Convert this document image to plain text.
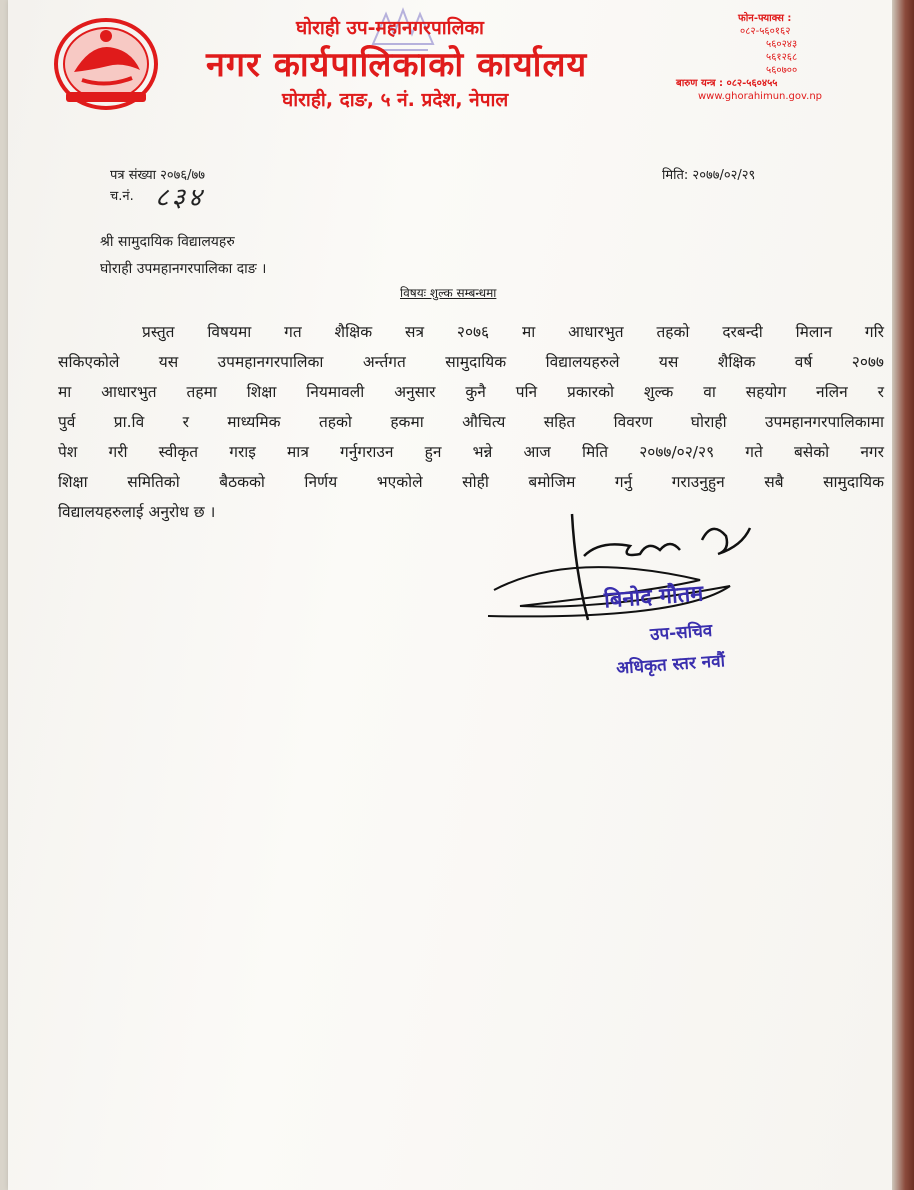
घोराही उप-महानगरपालिका
नगर कार्यपालिकाको कार्यालय
घोराही, दाङ, ५ नं. प्रदेश, नेपाल
फोन-फ्याक्स :
०८२-५६०१६२
५६०२४३
५६१२६८
५६०७००
बारुण यन्त्र : ०८२-५६०४५५
www.ghorahimun.gov.np
पत्र संख्या २०७६/७७
च.नं. ८३४
मिति: २०७७/०२/२९
श्री सामुदायिक विद्यालयहरु
घोराही उपमहानगरपालिका दाङ ।
विषयः शुल्क सम्बन्धमा
प्रस्तुत विषयमा गत शैक्षिक सत्र २०७६ मा आधारभुत तहको दरबन्दी मिलान गरि
सकिएकोले यस उपमहानगरपालिका अर्न्तगत सामुदायिक विद्यालयहरुले यस शैक्षिक वर्ष २०७७
मा आधारभुत तहमा शिक्षा नियमावली अनुसार कुनै पनि प्रकारको शुल्क वा सहयोग नलिन र
पुर्व प्रा.वि र माध्यमिक तहको हकमा औचित्य सहित विवरण घोराही उपमहानगरपालिकामा
पेश गरी स्वीकृत गराइ मात्र गर्नुगराउन हुन भन्ने आज मिति २०७७/०२/२९ गते बसेको नगर
शिक्षा समितिको बैठकको निर्णय भएकोले सोही बमोजिम गर्नु गराउनुहुन सबै सामुदायिक
विद्यालयहरुलाई अनुरोध छ ।
बिनोद गौतम
उप-सचिव
अधिकृत स्तर नवौं
